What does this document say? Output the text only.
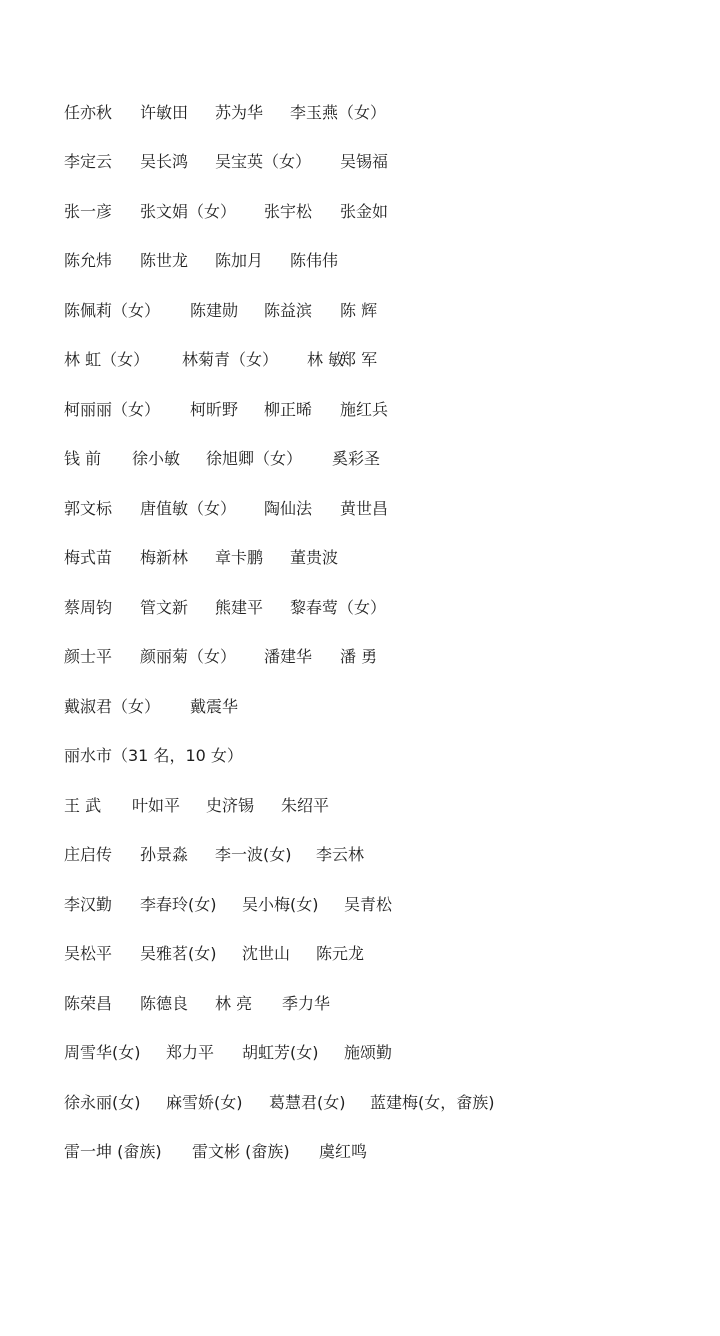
任亦秋 许敏田 苏为华 李玉燕（女）
李定云 吴长鸿 吴宝英（女） 吴锡福
张一彦 张文娟（女） 张宇松 张金如
陈允炜 陈世龙 陈加月 陈伟伟
陈佩莉（女） 陈建勋 陈益滨 陈 辉
林 虹（女） 林菊青（女） 林 敏
郑 军
柯丽丽（女） 柯昕野 柳正晞 施红兵
钱 前 徐小敏 徐旭卿（女） 奚彩圣
郭文标 唐值敏（女） 陶仙法 黄世昌
梅式苗 梅新林 章卡鹏 董贵波
蔡周钧 管文新 熊建平 黎春莺（女）
颜士平 颜丽菊（女） 潘建华 潘 勇
戴淑君（女） 戴震华
丽水市（31 名，10 女）
王 武 叶如平 史济锡 朱绍平
庄启传 孙景淼 李一波(女) 李云林
李汉勤 李春玲(女) 吴小梅(女) 吴青松
吴松平 吴雅茗(女) 沈世山 陈元龙
陈荣昌 陈德良 林 亮 季力华
周雪华(女) 郑力平 胡虹芳(女) 施颂勤
徐永丽(女) 麻雪娇(女) 葛慧君(女) 蓝建梅(女，畲族)
雷一坤 (畲族) 雷文彬 (畲族) 虞红鸣
